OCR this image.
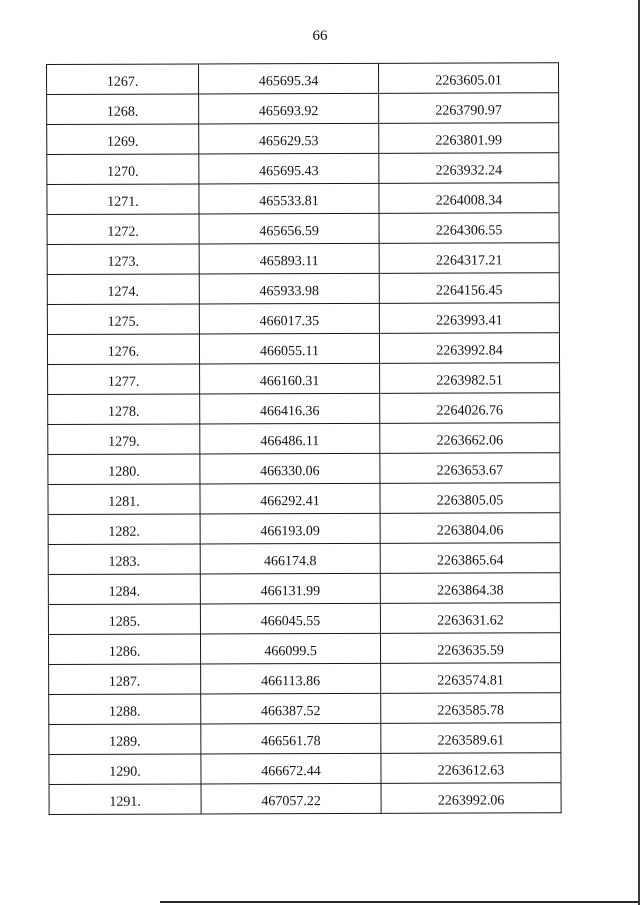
66
1267.	465695.34	2263605.01
1268.	465693.92	2263790.97
1269.	465629.53	2263801.99
1270.	465695.43	2263932.24
1271.	465533.81	2264008.34
1272.	465656.59	2264306.55
1273.	465893.11	2264317.21
1274.	465933.98	2264156.45
1275.	466017.35	2263993.41
1276.	466055.11	2263992.84
1277.	466160.31	2263982.51
1278.	466416.36	2264026.76
1279.	466486.11	2263662.06
1280.	466330.06	2263653.67
1281.	466292.41	2263805.05
1282.	466193.09	2263804.06
1283.	466174.8	2263865.64
1284.	466131.99	2263864.38
1285.	466045.55	2263631.62
1286.	466099.5	2263635.59
1287.	466113.86	2263574.81
1288.	466387.52	2263585.78
1289.	466561.78	2263589.61
1290.	466672.44	2263612.63
1291.	467057.22	2263992.06
